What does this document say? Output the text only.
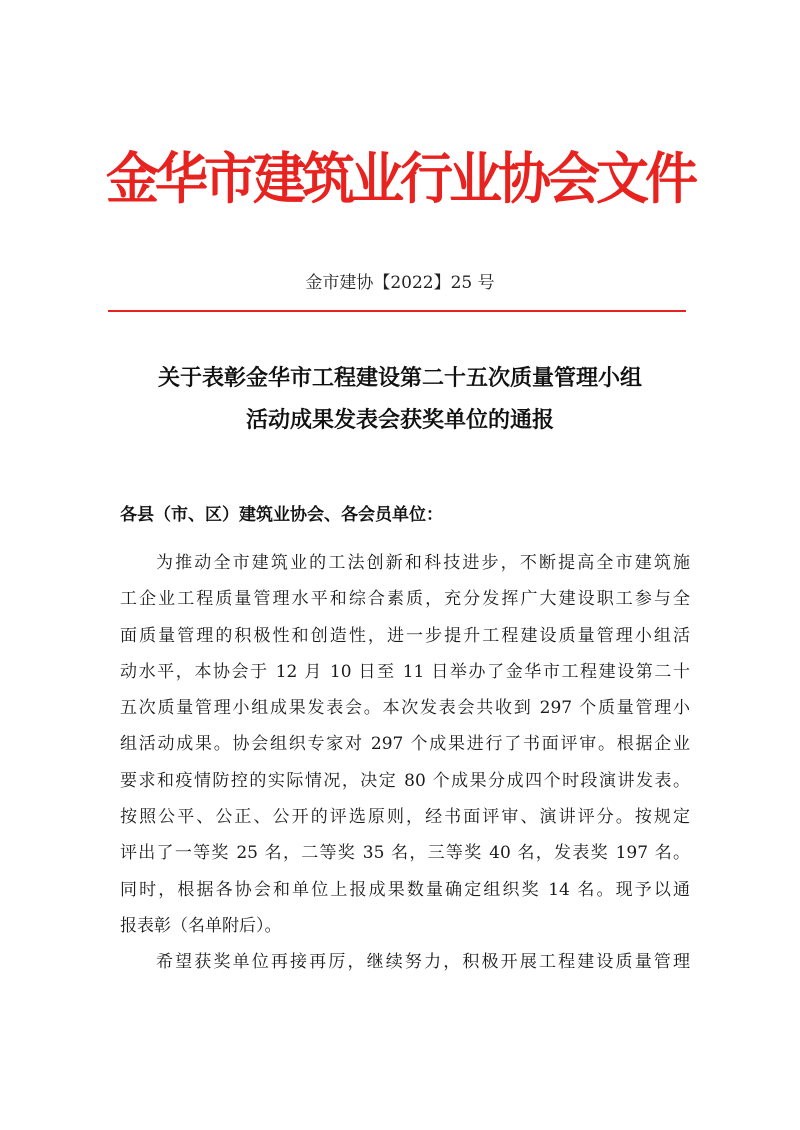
金华市建筑业行业协会文件
金市建协【2022】25 号
关于表彰金华市工程建设第二十五次质量管理小组
活动成果发表会获奖单位的通报
各县（市、区）建筑业协会、各会员单位：
为推动全市建筑业的工法创新和科技进步，不断提高全市建筑施
工企业工程质量管理水平和综合素质，充分发挥广大建设职工参与全
面质量管理的积极性和创造性，进一步提升工程建设质量管理小组活
动水平，本协会于 12 月 10 日至 11 日举办了金华市工程建设第二十
五次质量管理小组成果发表会。本次发表会共收到 297 个质量管理小
组活动成果。协会组织专家对 297 个成果进行了书面评审。根据企业
要求和疫情防控的实际情况，决定 80 个成果分成四个时段演讲发表。
按照公平、公正、公开的评选原则，经书面评审、演讲评分。按规定
评出了一等奖 25 名，二等奖 35 名，三等奖 40 名，发表奖 197 名。
同时，根据各协会和单位上报成果数量确定组织奖 14 名。现予以通
报表彰（名单附后）。
希望获奖单位再接再厉，继续努力，积极开展工程建设质量管理
